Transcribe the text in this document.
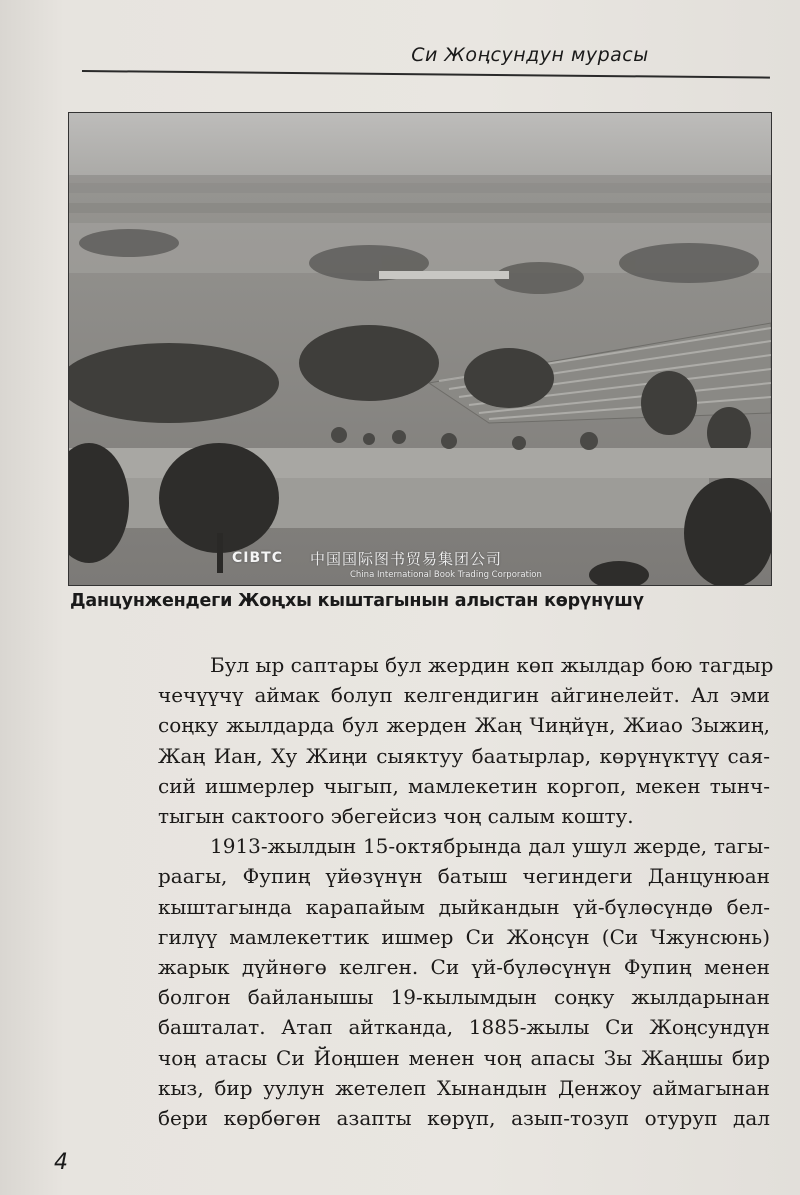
Си Жоңсундун мурасы
CIBTC 中国国际图书贸易集团公司
China International Book Trading Corporation
Данцунжендеги Жоңхы кыштагынын алыстан көрүнүшү
Бул ыр саптары бул жердин көп жылдар бою тагдыр
чечүүчү аймак болуп келгендигин айгинелейт. Ал эми
соңку жылдарда бул жерден Жаң Чиңйүн, Жиао Зыжиң,
Жаң Иан, Ху Жиңи сыяктуу баатырлар, көрүнүктүү сая-
сий ишмерлер чыгып, мамлекетин коргоп, мекен тынч-
тыгын сактоого эбегейсиз чоң салым кошту.
1913-жылдын 15-октябрында дал ушул жерде, тагы-
раагы, Фупиң үйөзүнүн батыш чегиндеги Данцунюан
кыштагында карапайым дыйкандын үй-бүлөсүндө бел-
гилүү мамлекеттик ишмер Си Жоңсүн (Си Чжунсюнь)
жарык дүйнөгө келген. Си үй-бүлөсүнүн Фупиң менен
болгон байланышы 19-кылымдын соңку жылдарынан
башталат. Атап айтканда, 1885-жылы Си Жоңсундүн
чоң атасы Си Йоңшен менен чоң апасы Зы Жаңшы бир
кыз, бир уулун жетелеп Хынандын Денжоу аймагынан
бери көрбөгөн азапты көрүп, азып-тозуп отуруп дал
4
